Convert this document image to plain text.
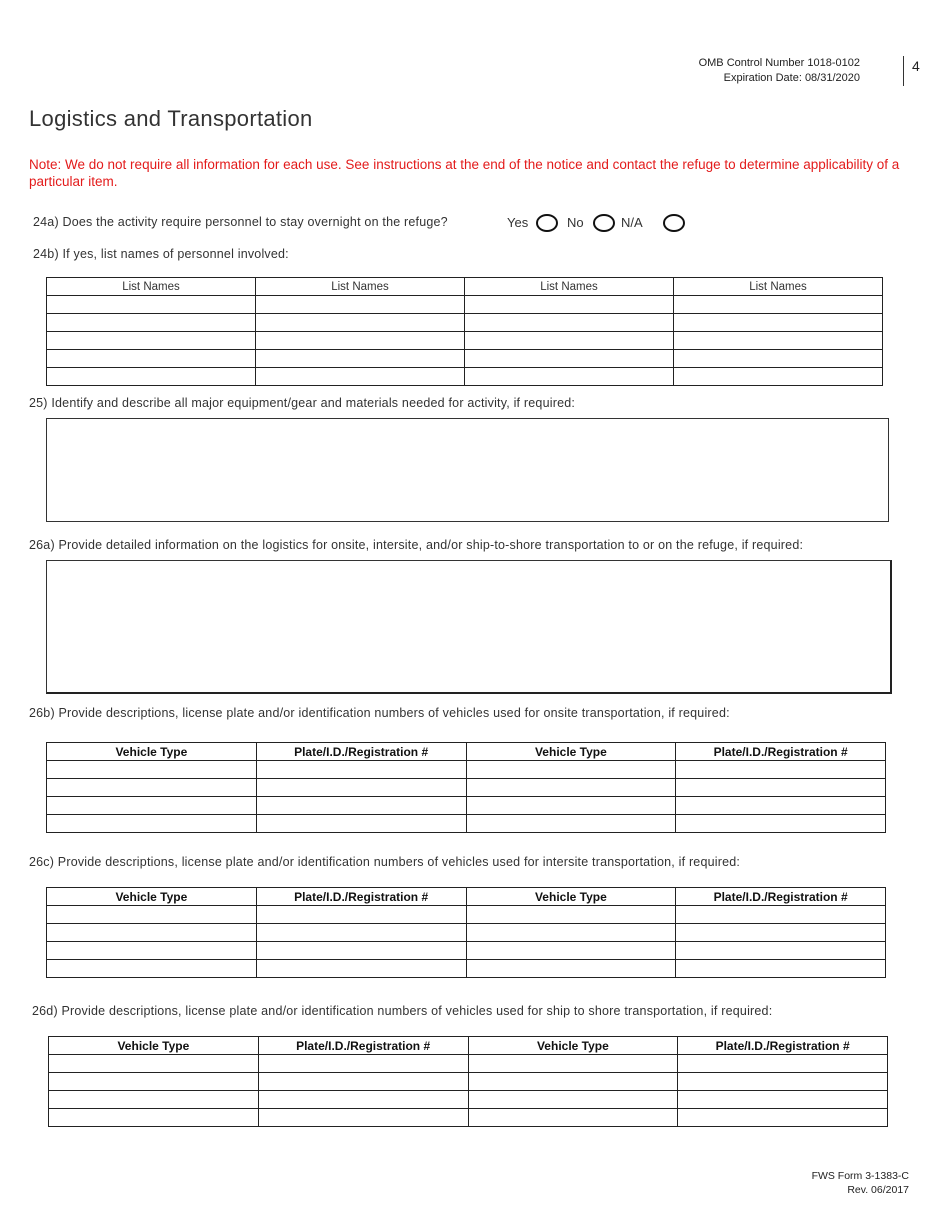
OMB Control Number 1018-0102
Expiration Date: 08/31/2020
4
Logistics and Transportation
Note: We do not require all information for each use. See instructions at the end of the notice and contact the refuge to determine applicability of a particular item.
24a) Does the activity require personnel to stay overnight on the refuge?	Yes	No	N/A
24b) If yes, list names of personnel involved:
List Names	List Names	List Names	List Names

25) Identify and describe all major equipment/gear and materials needed for activity, if required:
26a) Provide detailed information on the logistics for onsite, intersite, and/or ship-to-shore transportation to or on the refuge, if required:
26b) Provide descriptions, license plate and/or identification numbers of vehicles used for onsite transportation, if required:
Vehicle Type	Plate/I.D./Registration #	Vehicle Type	Plate/I.D./Registration #

26c) Provide descriptions, license plate and/or identification numbers of vehicles used for intersite transportation, if required:
Vehicle Type	Plate/I.D./Registration #	Vehicle Type	Plate/I.D./Registration #

26d) Provide descriptions, license plate and/or identification numbers of vehicles used for ship to shore transportation, if required:
Vehicle Type	Plate/I.D./Registration #	Vehicle Type	Plate/I.D./Registration #

FWS Form 3-1383-C
Rev. 06/2017
